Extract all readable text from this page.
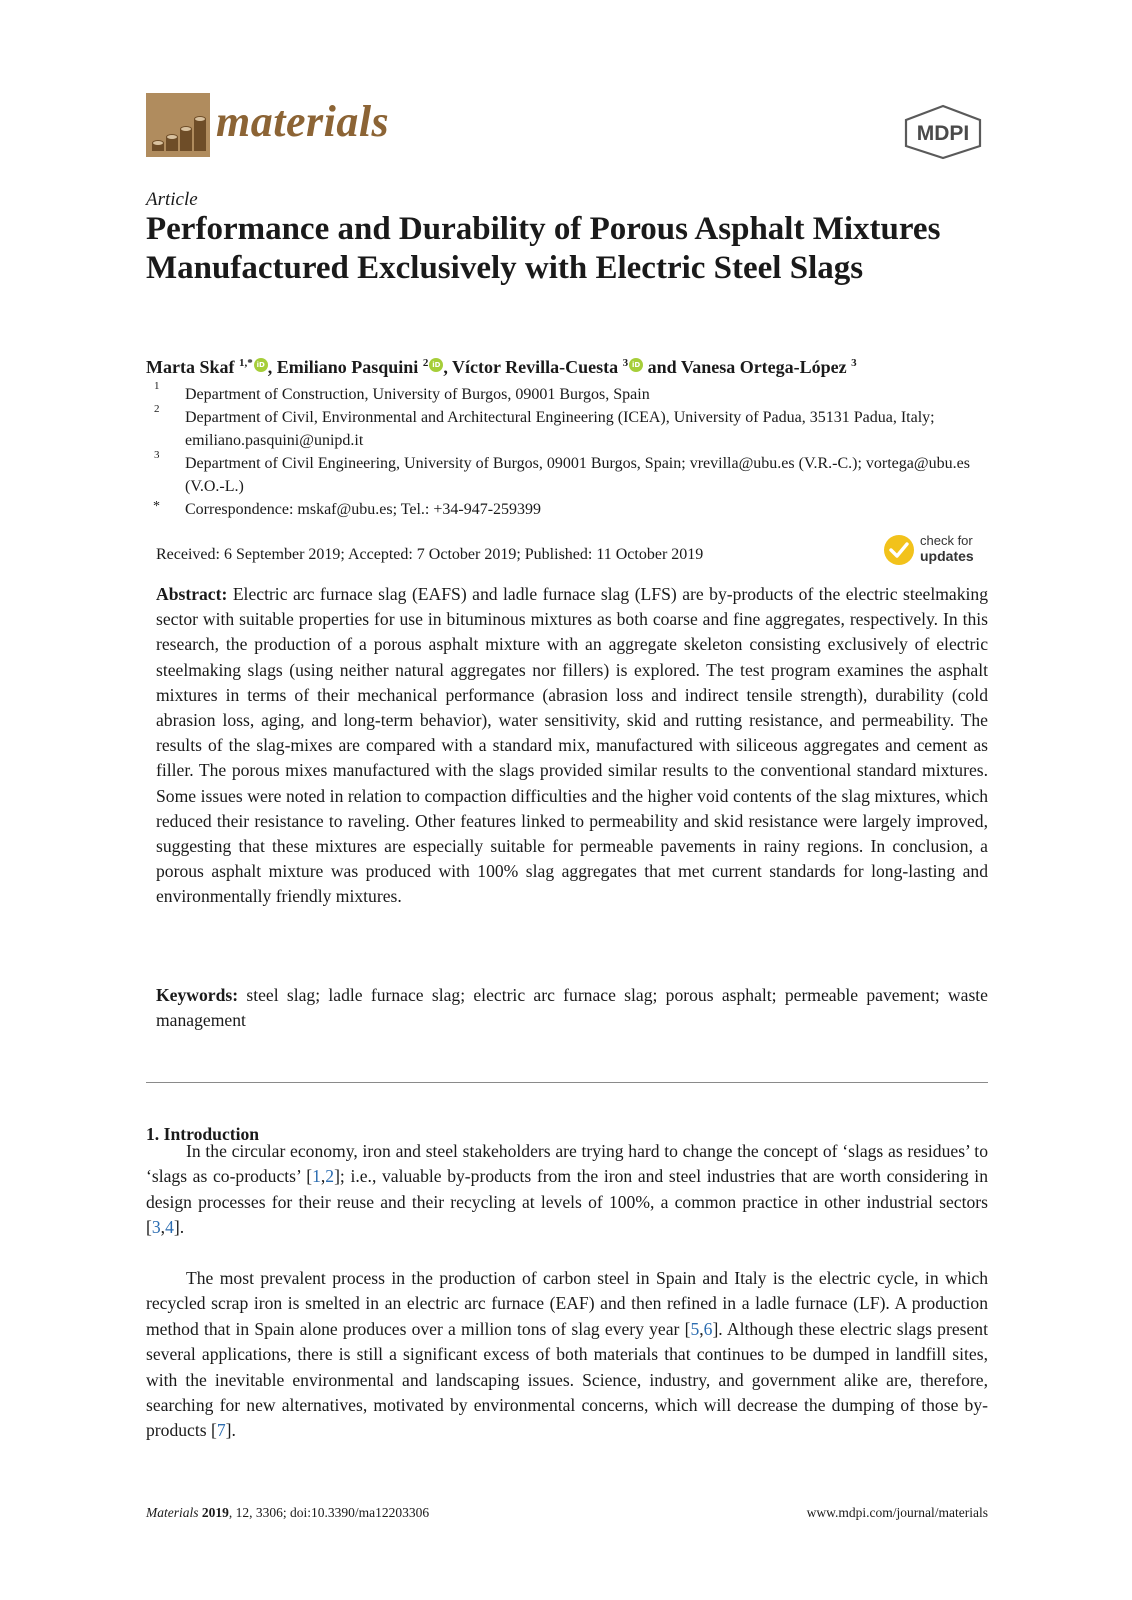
materials	MDPI
Article
Performance and Durability of Porous Asphalt Mixtures Manufactured Exclusively with Electric Steel Slags
Marta Skaf $^{1,*}$ iD , Emiliano Pasquini $^2$ iD , Víctor Revilla-Cuesta $^3$ iD and Vanesa Ortega-López $^3$
1 Department of Construction, University of Burgos, 09001 Burgos, Spain
2 Department of Civil, Environmental and Architectural Engineering (ICEA), University of Padua, 35131 Padua, Italy; emiliano.pasquini@unipd.it
3 Department of Civil Engineering, University of Burgos, 09001 Burgos, Spain; vrevilla@ubu.es (V.R.-C.); vortega@ubu.es (V.O.-L.)
* Correspondence: mskaf@ubu.es; Tel.: +34-947-259399
Received: 6 September 2019; Accepted: 7 October 2019; Published: 11 October 2019
check for
updates
Abstract: Electric arc furnace slag (EAFS) and ladle furnace slag (LFS) are by-products of the electric steelmaking sector with suitable properties for use in bituminous mixtures as both coarse and fine aggregates, respectively. In this research, the production of a porous asphalt mixture with an aggregate skeleton consisting exclusively of electric steelmaking slags (using neither natural aggregates nor fillers) is explored. The test program examines the asphalt mixtures in terms of their mechanical performance (abrasion loss and indirect tensile strength), durability (cold abrasion loss, aging, and long-term behavior), water sensitivity, skid and rutting resistance, and permeability. The results of the slag-mixes are compared with a standard mix, manufactured with siliceous aggregates and cement as filler. The porous mixes manufactured with the slags provided similar results to the conventional standard mixtures. Some issues were noted in relation to compaction difficulties and the higher void contents of the slag mixtures, which reduced their resistance to raveling. Other features linked to permeability and skid resistance were largely improved, suggesting that these mixtures are especially suitable for permeable pavements in rainy regions. In conclusion, a porous asphalt mixture was produced with 100% slag aggregates that met current standards for long-lasting and environmentally friendly mixtures.
Keywords: steel slag; ladle furnace slag; electric arc furnace slag; porous asphalt; permeable pavement; waste management
1. Introduction
In the circular economy, iron and steel stakeholders are trying hard to change the concept of ‘slags as residues’ to ‘slags as co-products’ [1,2]; i.e., valuable by-products from the iron and steel industries that are worth considering in design processes for their reuse and their recycling at levels of 100%, a common practice in other industrial sectors [3,4].
The most prevalent process in the production of carbon steel in Spain and Italy is the electric cycle, in which recycled scrap iron is smelted in an electric arc furnace (EAF) and then refined in a ladle furnace (LF). A production method that in Spain alone produces over a million tons of slag every year [5,6]. Although these electric slags present several applications, there is still a significant excess of both materials that continues to be dumped in landfill sites, with the inevitable environmental and landscaping issues. Science, industry, and government alike are, therefore, searching for new alternatives, motivated by environmental concerns, which will decrease the dumping of those by-products [7].
Materials 2019, 12, 3306; doi:10.3390/ma12203306	www.mdpi.com/journal/materials
